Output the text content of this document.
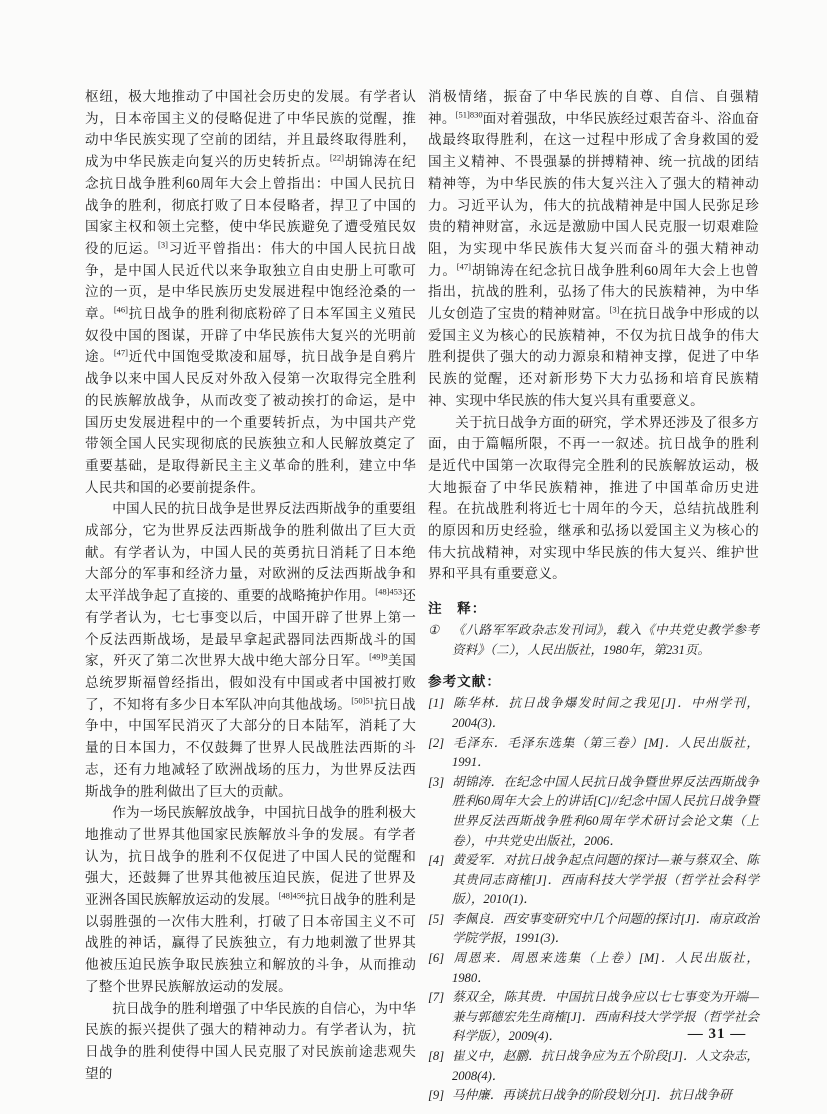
枢纽，极大地推动了中国社会历史的发展。有学者认为，日本帝国主义的侵略促进了中华民族的觉醒，推动中华民族实现了空前的团结，并且最终取得胜利，成为中华民族走向复兴的历史转折点。[22]胡锦涛在纪念抗日战争胜利60周年大会上曾指出：中国人民抗日战争的胜利，彻底打败了日本侵略者，捍卫了中国的国家主权和领土完整，使中华民族避免了遭受殖民奴役的厄运。[3]习近平曾指出：伟大的中国人民抗日战争，是中国人民近代以来争取独立自由史册上可歌可泣的一页，是中华民族历史发展进程中饱经沧桑的一章。[46]抗日战争的胜利彻底粉碎了日本军国主义殖民奴役中国的图谋，开辟了中华民族伟大复兴的光明前途。[47]近代中国饱受欺凌和屈辱，抗日战争是自鸦片战争以来中国人民反对外敌入侵第一次取得完全胜利的民族解放战争，从而改变了被动挨打的命运，是中国历史发展进程中的一个重要转折点，为中国共产党带领全国人民实现彻底的民族独立和人民解放奠定了重要基础，是取得新民主主义革命的胜利，建立中华人民共和国的必要前提条件。

中国人民的抗日战争是世界反法西斯战争的重要组成部分，它为世界反法西斯战争的胜利做出了巨大贡献。有学者认为，中国人民的英勇抗日消耗了日本绝大部分的军事和经济力量，对欧洲的反法西斯战争和太平洋战争起了直接的、重要的战略掩护作用。$^{[48]453}$还有学者认为，七七事变以后，中国开辟了世界上第一个反法西斯战场，是最早拿起武器同法西斯战斗的国家，歼灭了第二次世界大战中绝大部分日军。$^{[49]9}$美国总统罗斯福曾经指出，假如没有中国或者中国被打败了，不知将有多少日本军队冲向其他战场。$^{[50]51}$抗日战争中，中国军民消灭了大部分的日本陆军，消耗了大量的日本国力，不仅鼓舞了世界人民战胜法西斯的斗志，还有力地减轻了欧洲战场的压力，为世界反法西斯战争的胜利做出了巨大的贡献。

作为一场民族解放战争，中国抗日战争的胜利极大地推动了世界其他国家民族解放斗争的发展。有学者认为，抗日战争的胜利不仅促进了中国人民的觉醒和强大，还鼓舞了世界其他被压迫民族，促进了世界及亚洲各国民族解放运动的发展。$^{[48]456}$抗日战争的胜利是以弱胜强的一次伟大胜利，打破了日本帝国主义不可战胜的神话，赢得了民族独立，有力地刺激了世界其他被压迫民族争取民族独立和解放的斗争，从而推动了整个世界民族解放运动的发展。

抗日战争的胜利增强了中华民族的自信心，为中华民族的振兴提供了强大的精神动力。有学者认为，抗日战争的胜利使得中国人民克服了对民族前途悲观失望的

消极情绪，振奋了中华民族的自尊、自信、自强精神。$^{[51]830}$面对着强敌，中华民族经过艰苦奋斗、浴血奋战最终取得胜利，在这一过程中形成了舍身救国的爱国主义精神、不畏强暴的拼搏精神、统一抗战的团结精神等，为中华民族的伟大复兴注入了强大的精神动力。习近平认为，伟大的抗战精神是中国人民弥足珍贵的精神财富，永远是激励中国人民克服一切艰难险阻，为实现中华民族伟大复兴而奋斗的强大精神动力。[47]胡锦涛在纪念抗日战争胜利60周年大会上也曾指出，抗战的胜利，弘扬了伟大的民族精神，为中华儿女创造了宝贵的精神财富。[3]在抗日战争中形成的以爱国主义为核心的民族精神，不仅为抗日战争的伟大胜利提供了强大的动力源泉和精神支撑，促进了中华民族的觉醒，还对新形势下大力弘扬和培育民族精神、实现中华民族的伟大复兴具有重要意义。

关于抗日战争方面的研究，学术界还涉及了很多方面，由于篇幅所限，不再一一叙述。抗日战争的胜利是近代中国第一次取得完全胜利的民族解放运动，极大地振奋了中华民族精神，推进了中国革命历史进程。在抗战胜利将近七十周年的今天，总结抗战胜利的原因和历史经验，继承和弘扬以爱国主义为核心的伟大抗战精神，对实现中华民族的伟大复兴、维护世界和平具有重要意义。

注　释：

① 《八路军军政杂志发刊词》，载入《中共党史教学参考资料》（二），人民出版社，1980年，第231页。

参考文献：

[1] 陈华林．抗日战争爆发时间之我见[J]．中州学刊，2004(3)．

[2] 毛泽东．毛泽东选集（第三卷）[M]．人民出版社，1991．

[3] 胡锦涛．在纪念中国人民抗日战争暨世界反法西斯战争胜利60周年大会上的讲话[C]//纪念中国人民抗日战争暨世界反法西斯战争胜利60周年学术研讨会论文集（上卷），中共党史出版社，2006．

[4] 黄爱军．对抗日战争起点问题的探讨—兼与蔡双全、陈其贵同志商榷[J]．西南科技大学学报（哲学社会科学版），2010(1)．

[5] 李佩良．西安事变研究中几个问题的探讨[J]．南京政治学院学报，1991(3)．

[6] 周恩来．周恩来选集（上卷）[M]．人民出版社，1980．

[7] 蔡双全，陈其贵．中国抗日战争应以七七事变为开端—兼与郭德宏先生商榷[J]．西南科技大学学报（哲学社会科学版），2009(4)．

[8] 崔义中，赵鹏．抗日战争应为五个阶段[J]．人文杂志，2008(4)．

[9] 马仲廉．再谈抗日战争的阶段划分[J]．抗日战争研

— 31 —
